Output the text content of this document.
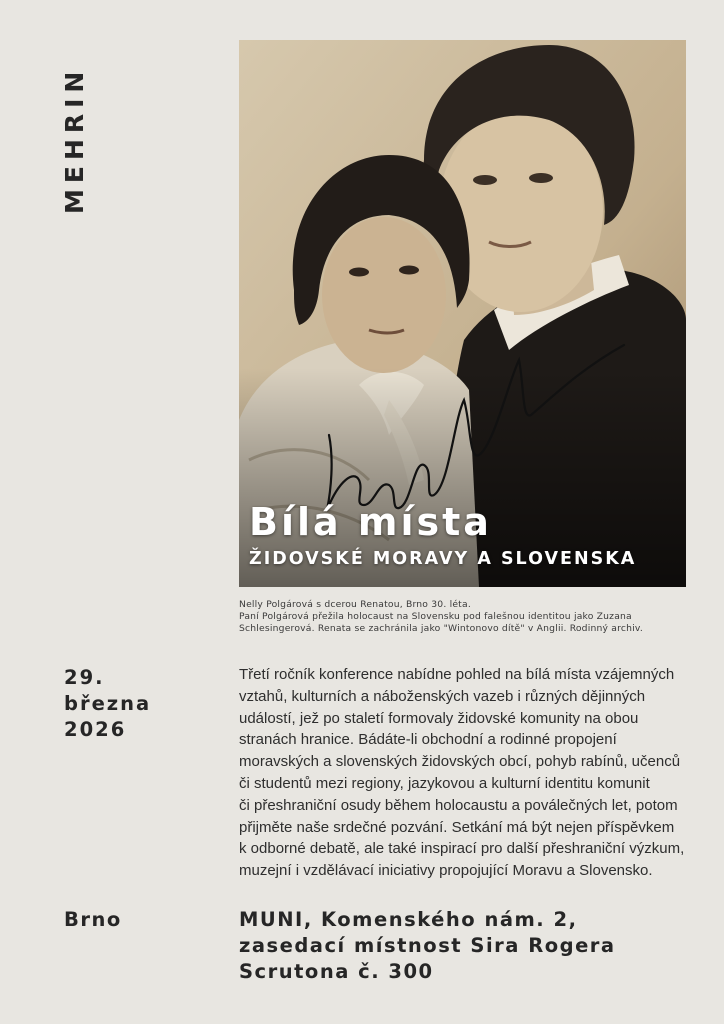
MEHRIN
Bílá místa
ŽIDOVSKÉ MORAVY A SLOVENSKA
Nelly Polgárová s dcerou Renatou, Brno 30. léta.
Paní Polgárová přežila holocaust na Slovensku pod falešnou identitou jako Zuzana
Schlesingerová. Renata se zachránila jako "Wintonovo dítě" v Anglii. Rodinný archiv.
29.
března
2026
Třetí ročník konference nabídne pohled na bílá místa vzájemných
vztahů, kulturních a náboženských vazeb i různých dějinných
událostí, jež po staletí formovaly židovské komunity na obou
stranách hranice. Bádáte-li obchodní a rodinné propojení
moravských a slovenských židovských obcí, pohyb rabínů, učenců
či studentů mezi regiony, jazykovou a kulturní identitu komunit
či přeshraniční osudy během holocaustu a poválečných let, potom
přijměte naše srdečné pozvání. Setkání má být nejen příspěvkem
k odborné debatě, ale také inspirací pro další přeshraniční výzkum,
muzejní i vzdělávací iniciativy propojující Moravu a Slovensko.
Brno	MUNI, Komenského nám. 2,
zasedací místnost Sira Rogera
Scrutona č. 300
